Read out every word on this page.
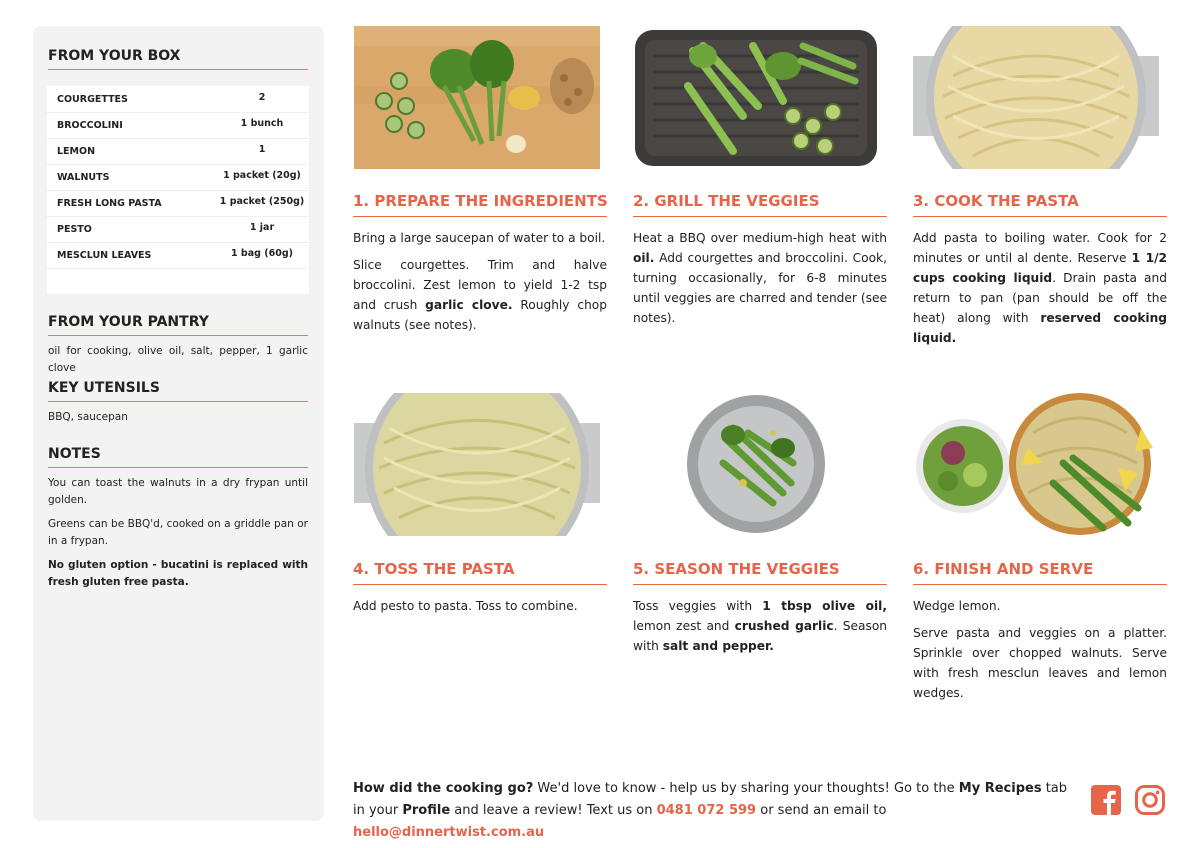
FROM YOUR BOX
COURGETTES	2
BROCCOLINI	1 bunch
LEMON	1
WALNUTS	1 packet (20g)
FRESH LONG PASTA	1 packet (250g)
PESTO	1 jar
MESCLUN LEAVES	1 bag (60g)
FROM YOUR PANTRY
oil for cooking, olive oil, salt, pepper, 1 garlic clove
KEY UTENSILS
BBQ, saucepan
NOTES

You can toast the walnuts in a dry frypan until golden.

Greens can be BBQ'd, cooked on a griddle pan or in a frypan.

No gluten option - bucatini is replaced with fresh gluten free pasta.

1. PREPARE THE INGREDIENTS 2. GRILL THE VEGGIES	3. COOK THE PASTA
4. TOSS THE PASTA	5. SEASON THE VEGGIES	6. FINISH AND SERVE

Bring a large saucepan of water to a boil.

Slice courgettes. Trim and halve broccolini. Zest lemon to yield 1-2 tsp and crush garlic clove. Roughly chop walnuts (see notes).

Heat a BBQ over medium-high heat with oil. Add courgettes and broccolini. Cook, turning occasionally, for 6-8 minutes until veggies are charred and tender (see notes).

Add pasta to boiling water. Cook for 2 minutes or until al dente. Reserve 1 1/2 cups cooking liquid. Drain pasta and return to pan (pan should be off the heat) along with reserved cooking liquid.

Add pesto to pasta. Toss to combine.	Toss veggies with 1 tbsp olive oil, lemon zest and crushed garlic. Season with salt and pepper.

Wedge lemon.

Serve pasta and veggies on a platter. Sprinkle over chopped walnuts. Serve with fresh mesclun leaves and lemon wedges.

How did the cooking go? We'd love to know - help us by sharing your thoughts! Go to the My Recipes tab in your Profile and leave a review! Text us on 0481 072 599 or send an email to hello@dinnertwist.com.au
